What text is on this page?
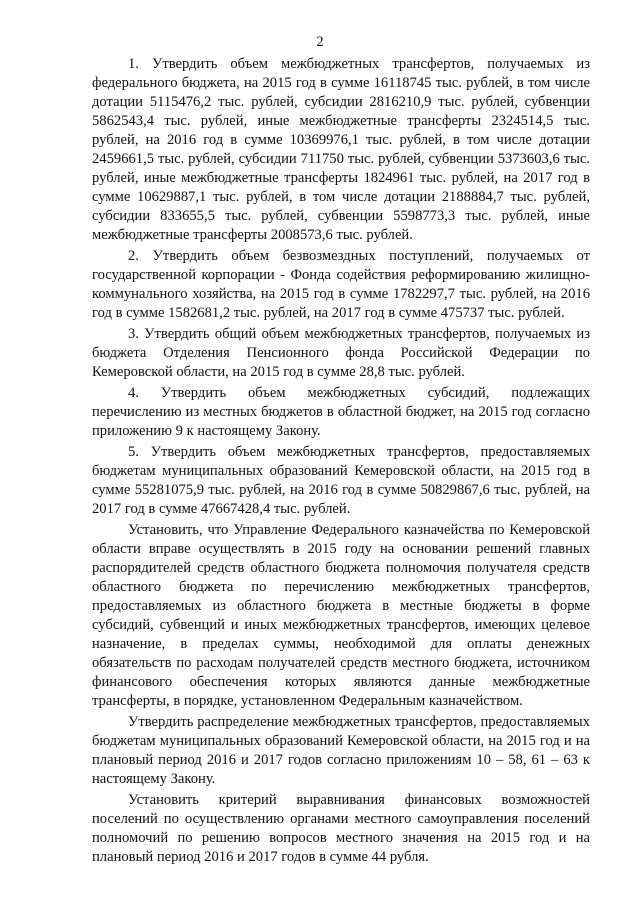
2

1. Утвердить объем межбюджетных трансфертов, получаемых из федерального бюджета, на 2015 год в сумме 16118745 тыс. рублей, в том числе дотации 5115476,2 тыс. рублей, субсидии 2816210,9 тыс. рублей, субвенции 5862543,4 тыс. рублей, иные межбюджетные трансферты 2324514,5 тыс. рублей, на 2016 год в сумме 10369976,1 тыс. рублей, в том числе дотации 2459661,5 тыс. рублей, субсидии 711750 тыс. рублей, субвенции 5373603,6 тыс. рублей, иные межбюджетные трансферты 1824961 тыс. рублей, на 2017 год в сумме 10629887,1 тыс. рублей, в том числе дотации 2188884,7 тыс. рублей, субсидии 833655,5 тыс. рублей, субвенции 5598773,3 тыс. рублей, иные межбюджетные трансферты 2008573,6 тыс. рублей.

2. Утвердить объем безвозмездных поступлений, получаемых от государственной корпорации - Фонда содействия реформированию жилищно-коммунального хозяйства, на 2015 год в сумме 1782297,7 тыс. рублей, на 2016 год в сумме 1582681,2 тыс. рублей, на 2017 год в сумме 475737 тыс. рублей.

3. Утвердить общий объем межбюджетных трансфертов, получаемых из бюджета Отделения Пенсионного фонда Российской Федерации по Кемеровской области, на 2015 год в сумме 28,8 тыс. рублей.

4. Утвердить объем межбюджетных субсидий, подлежащих перечислению из местных бюджетов в областной бюджет, на 2015 год согласно приложению 9 к настоящему Закону.

5. Утвердить объем межбюджетных трансфертов, предоставляемых бюджетам муниципальных образований Кемеровской области, на 2015 год в сумме 55281075,9 тыс. рублей, на 2016 год в сумме 50829867,6 тыс. рублей, на 2017 год в сумме 47667428,4 тыс. рублей.

Установить, что Управление Федерального казначейства по Кемеровской области вправе осуществлять в 2015 году на основании решений главных распорядителей средств областного бюджета полномочия получателя средств областного бюджета по перечислению межбюджетных трансфертов, предоставляемых из областного бюджета в местные бюджеты в форме субсидий, субвенций и иных межбюджетных трансфертов, имеющих целевое назначение, в пределах суммы, необходимой для оплаты денежных обязательств по расходам получателей средств местного бюджета, источником финансового обеспечения которых являются данные межбюджетные трансферты, в порядке, установленном Федеральным казначейством.

Утвердить распределение межбюджетных трансфертов, предоставляемых бюджетам муниципальных образований Кемеровской области, на 2015 год и на плановый период 2016 и 2017 годов согласно приложениям 10 – 58, 61 – 63 к настоящему Закону.

Установить критерий выравнивания финансовых возможностей поселений по осуществлению органами местного самоуправления поселений полномочий по решению вопросов местного значения на 2015 год и на плановый период 2016 и 2017 годов в сумме 44 рубля.
